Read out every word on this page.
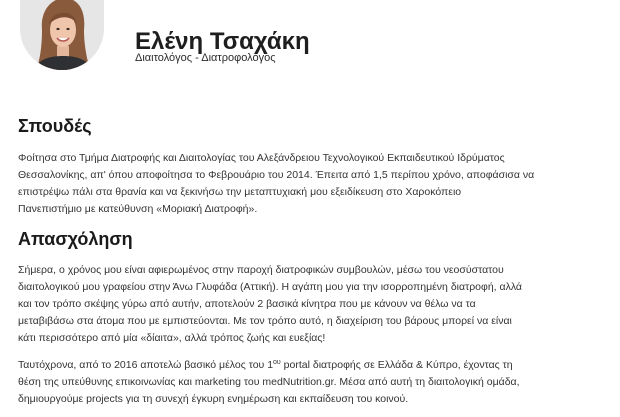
Ελένη Τσαχάκη
Διαιτολόγος - Διατροφολόγος
Σπουδές
Φοίτησα στο Τμήμα Διατροφής και Διαιτολογίας του Αλεξάνδρειου Τεχνολογικού Εκπαιδευτικού Ιδρύματος
Θεσσαλονίκης, απ' όπου αποφοίτησα το Φεβρουάριο του 2014. Έπειτα από 1,5 περίπου χρόνο, αποφάσισα να
επιστρέψω πάλι στα θρανία και να ξεκινήσω την μεταπτυχιακή μου εξειδίκευση στο Χαροκόπειο
Πανεπιστήμιο με κατεύθυνση «Μοριακή Διατροφή».
Απασχόληση
Σήμερα, ο χρόνος μου είναι αφιερωμένος στην παροχή διατροφικών συμβουλών, μέσω του νεοσύστατου
διαιτολογικού μου γραφείου στην Άνω Γλυφάδα (Αττική). Η αγάπη μου για την ισορροπημένη διατροφή, αλλά
και τον τρόπο σκέψης γύρω από αυτήν, αποτελούν 2 βασικά κίνητρα που με κάνουν να θέλω να τα
μεταβιβάσω στα άτομα που με εμπιστεύονται. Με τον τρόπο αυτό, η διαχείριση του βάρους μπορεί να είναι
κάτι περισσότερο από μία «δίαιτα», αλλά τρόπος ζωής και ευεξίας!
Ταυτόχρονα, από το 2016 αποτελώ βασικό μέλος του $1^{o\upsilon}$ portal διατροφής σε Ελλάδα & Κύπρο, έχοντας τη
θέση της υπεύθυνης επικοινωνίας και marketing του medNutrition.gr. Μέσα από αυτή τη διαιτολογική ομάδα,
δημιουργούμε projects για τη συνεχή έγκυρη ενημέρωση και εκπαίδευση του κοινού.
